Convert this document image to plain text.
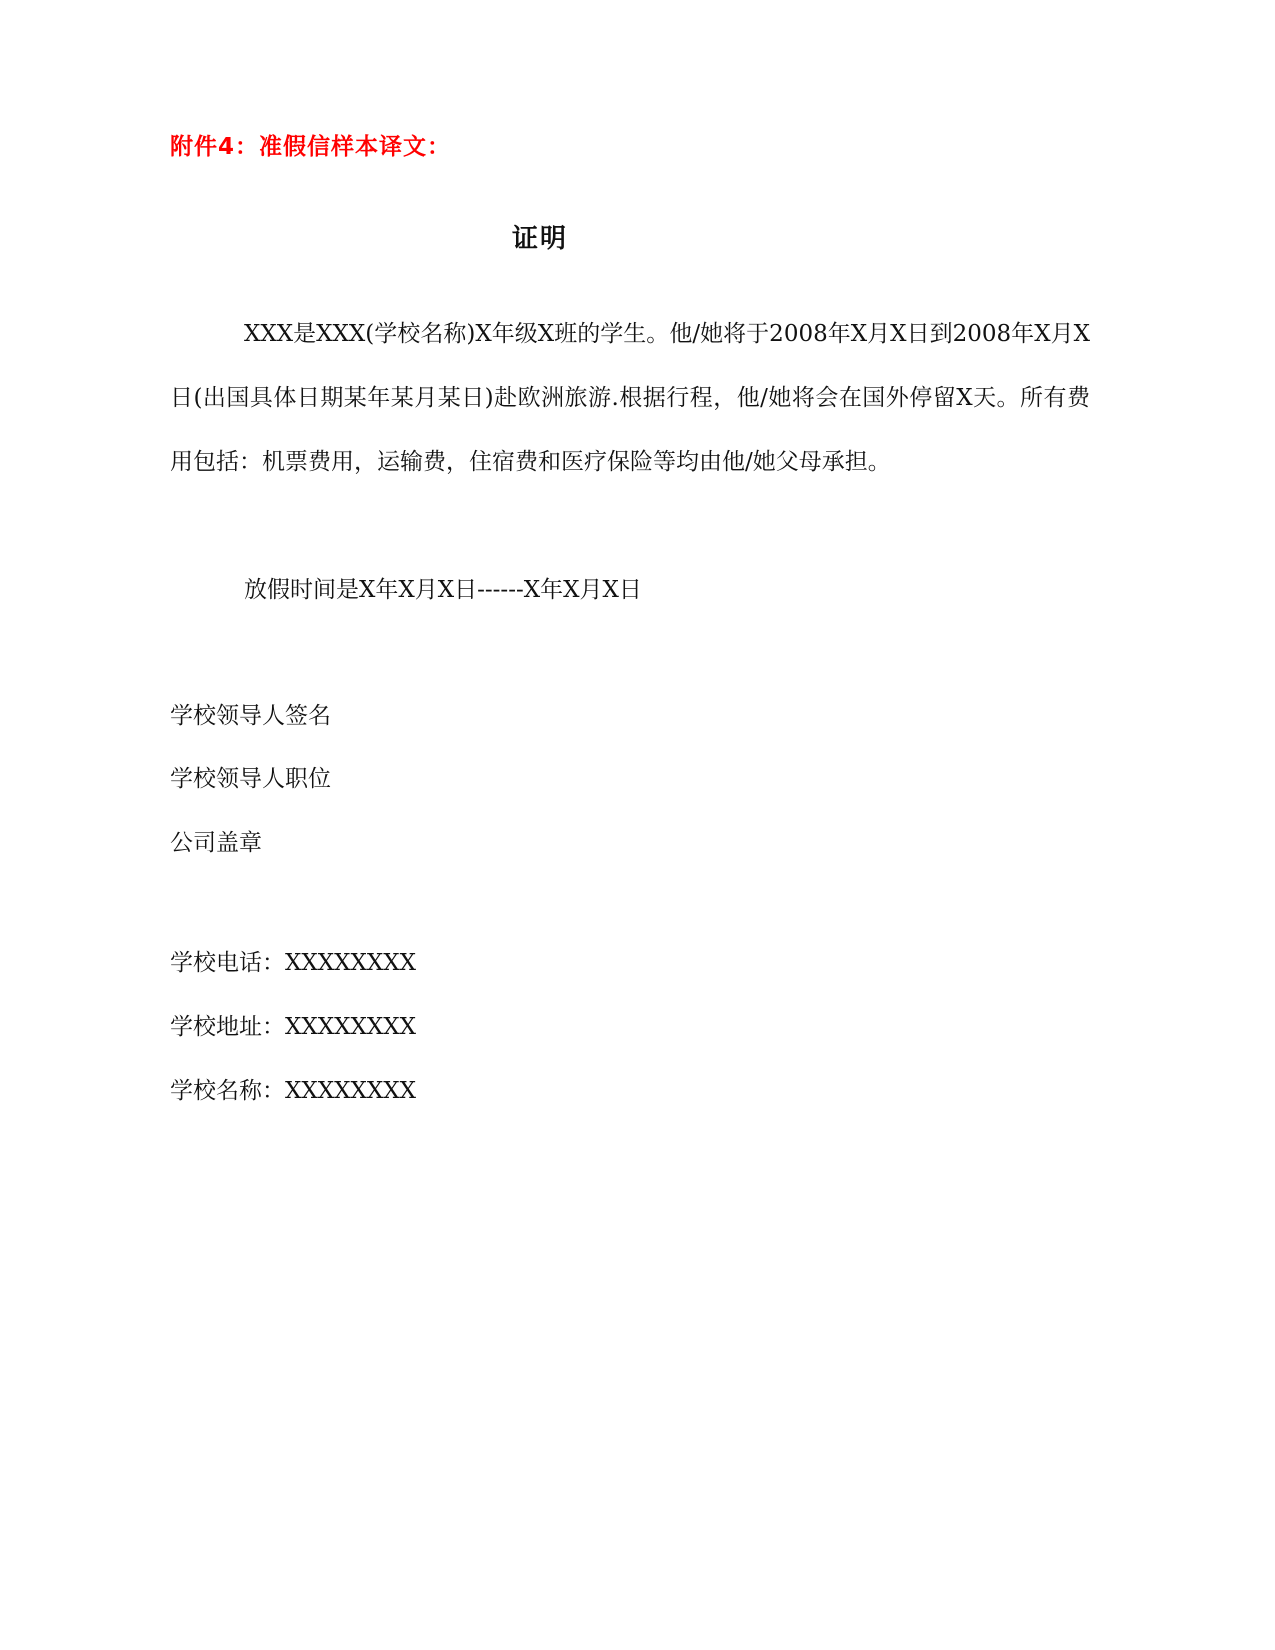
附件4：准假信样本译文：
证明
XXX是XXX(学校名称)X年级X班的学生。他/她将于2008年X月X日到2008年X月X日(出国具体日期某年某月某日)赴欧洲旅游.根据行程，他/她将会在国外停留X天。所有费用包括：机票费用，运输费，住宿费和医疗保险等均由他/她父母承担。
放假时间是X年X月X日------X年X月X日
学校领导人签名
学校领导人职位
公司盖章
学校电话：XXXXXXXX
学校地址：XXXXXXXX
学校名称：XXXXXXXX
